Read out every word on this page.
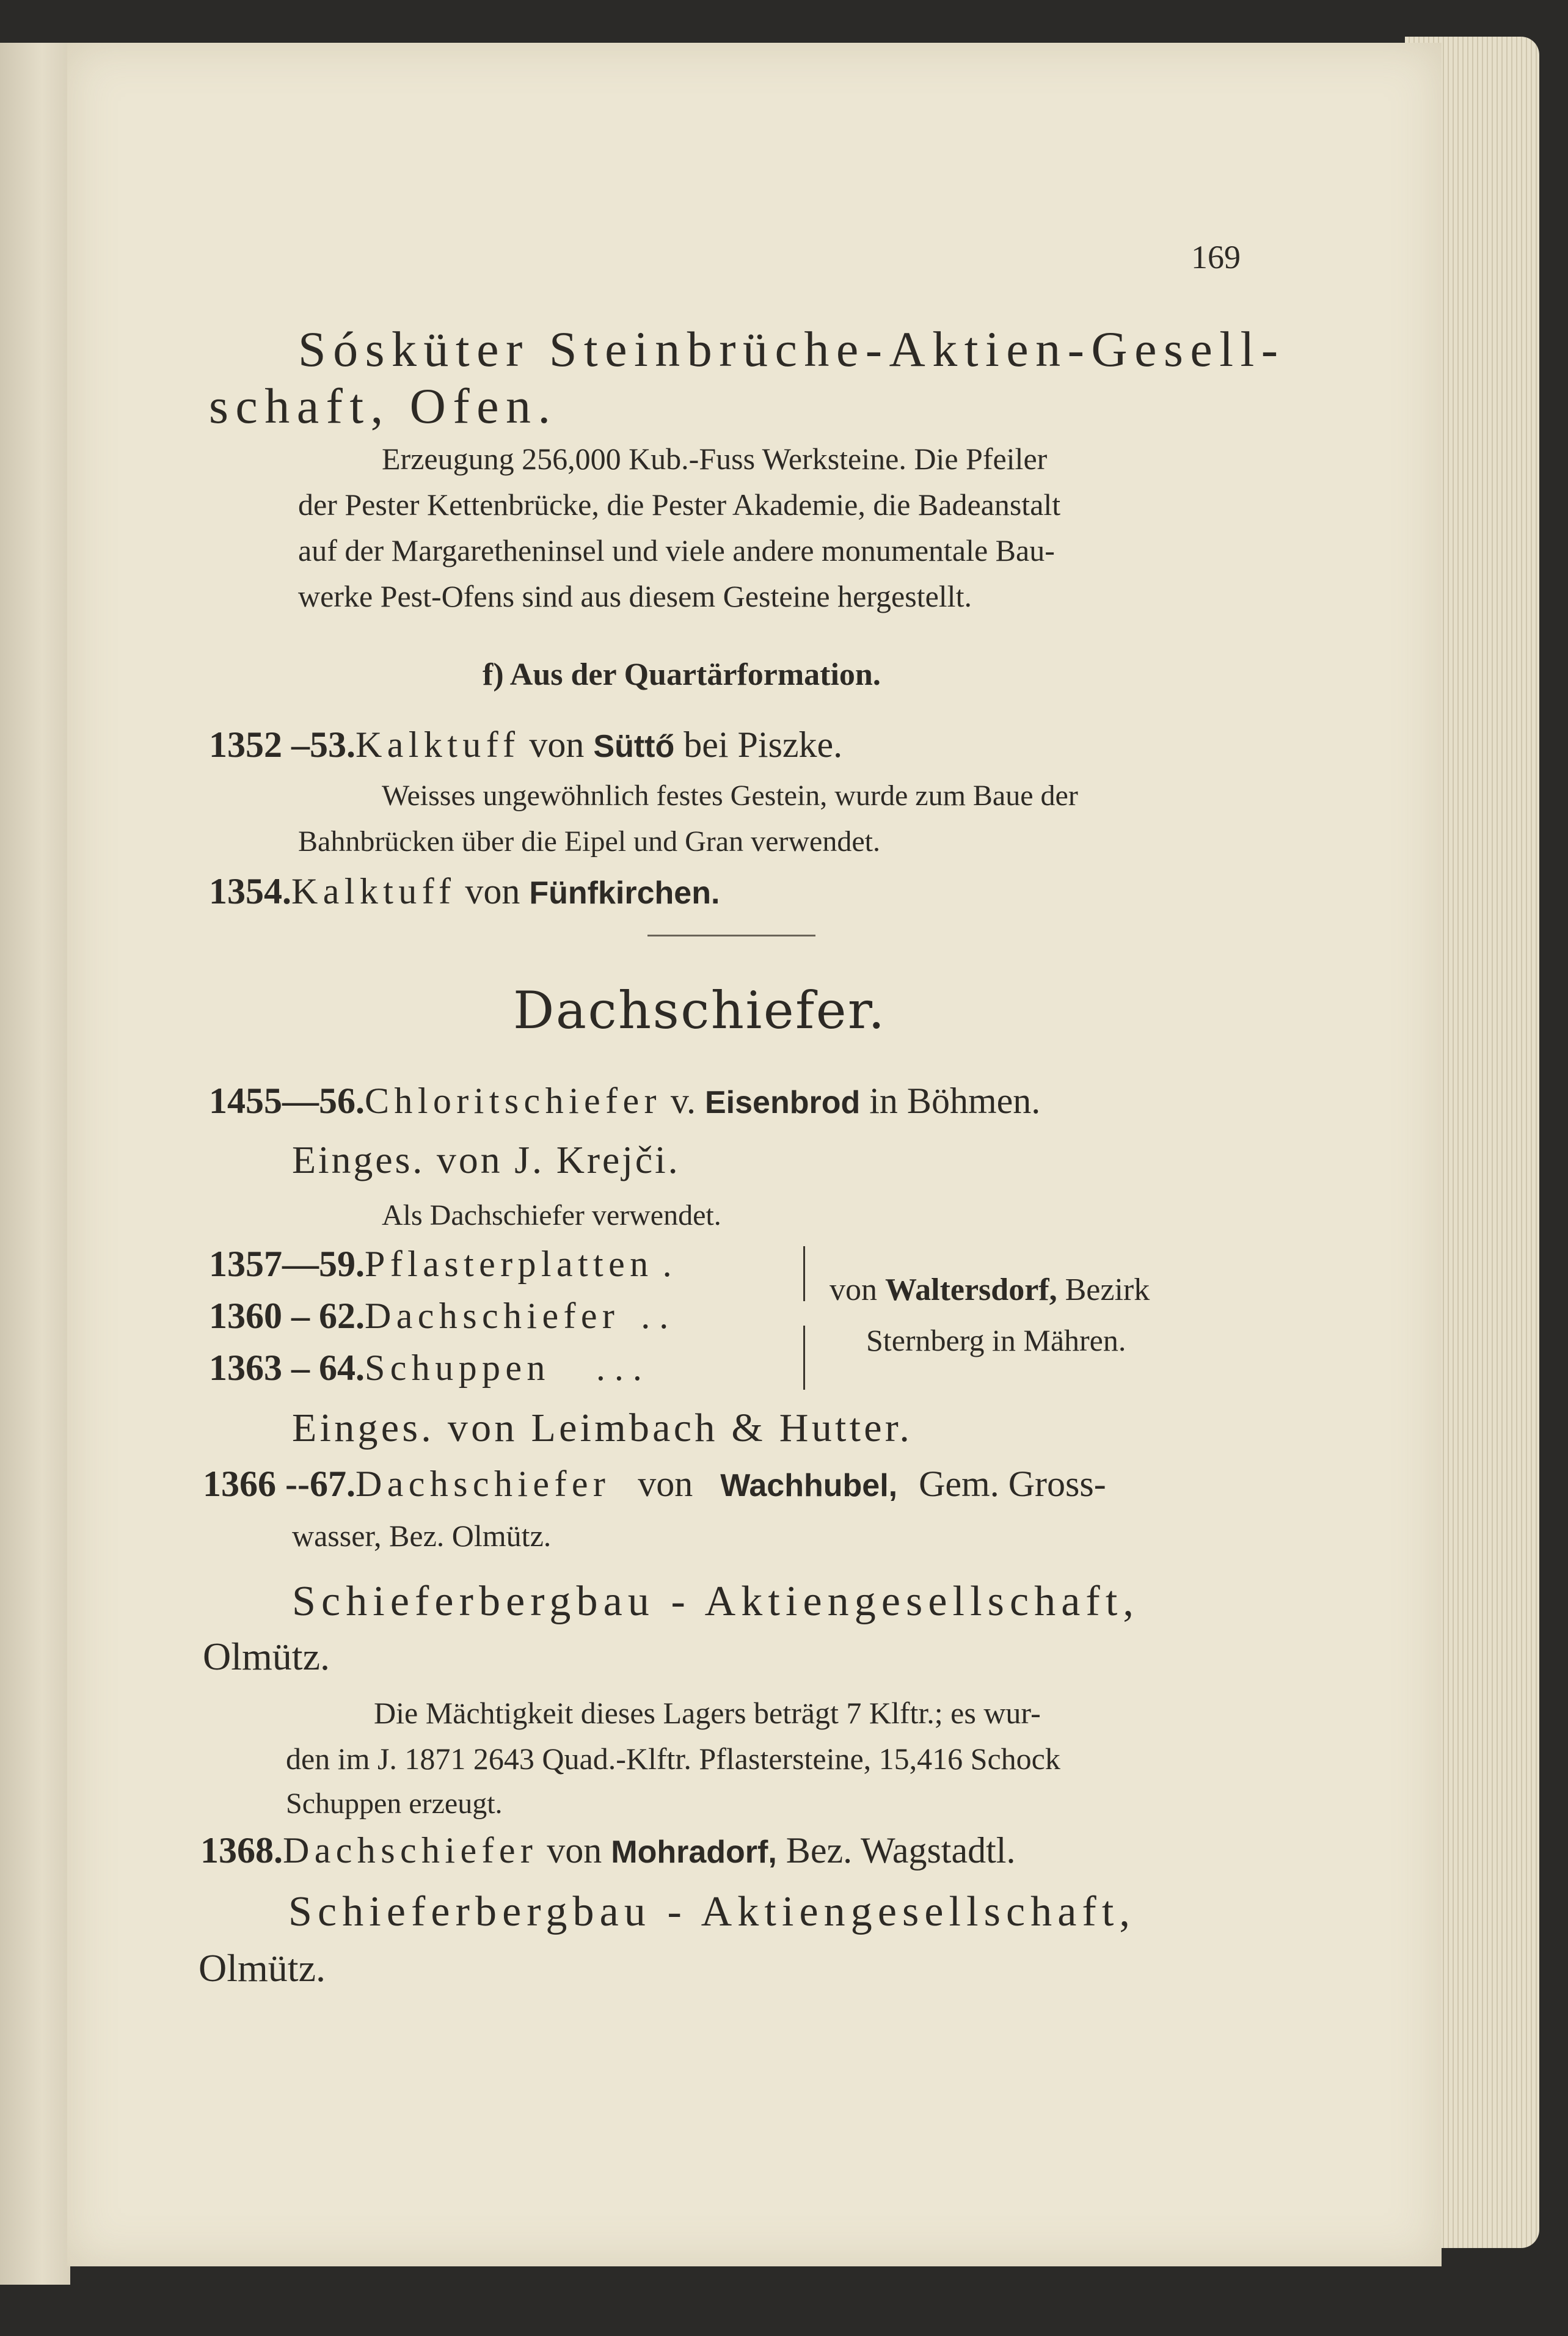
169
Sósküter Steinbrüche-Aktien-Gesell-
schaft, Ofen.
Erzeugung 256,000 Kub.-Fuss Werksteine. Die Pfeiler
der Pester Kettenbrücke, die Pester Akademie, die Badeanstalt
auf der Margaretheninsel und viele andere monumentale Bau-
werke Pest-Ofens sind aus diesem Gesteine hergestellt.
f) Aus der Quartärformation.
1352 –53.Kalktuff von Süttő bei Piszke.
Weisses ungewöhnlich festes Gestein, wurde zum Baue der
Bahnbrücken über die Eipel und Gran verwendet.
1354.Kalktuff von Fünfkirchen.
Dachschiefer.
1455—56.Chloritschiefer v. Eisenbrod in Böhmen.
Einges. von J. Krejči.
Als Dachschiefer verwendet.
1357—59.Pflasterplatten .
1360 – 62.Dachschiefer . .
1363 – 64.Schuppen . . .
von Waltersdorf, Bezirk
Sternberg in Mähren.
Einges. von Leimbach & Hutter.
1366 --67.Dachschiefer von Wachhubel, Gem. Gross-
wasser, Bez. Olmütz.
Schieferbergbau - Aktiengesellschaft,
Olmütz.
Die Mächtigkeit dieses Lagers beträgt 7 Klftr.; es wur-
den im J. 1871 2643 Quad.-Klftr. Pflastersteine, 15,416 Schock
Schuppen erzeugt.
1368.Dachschiefer von Mohradorf, Bez. Wagstadtl.
Schieferbergbau - Aktiengesellschaft,
Olmütz.
